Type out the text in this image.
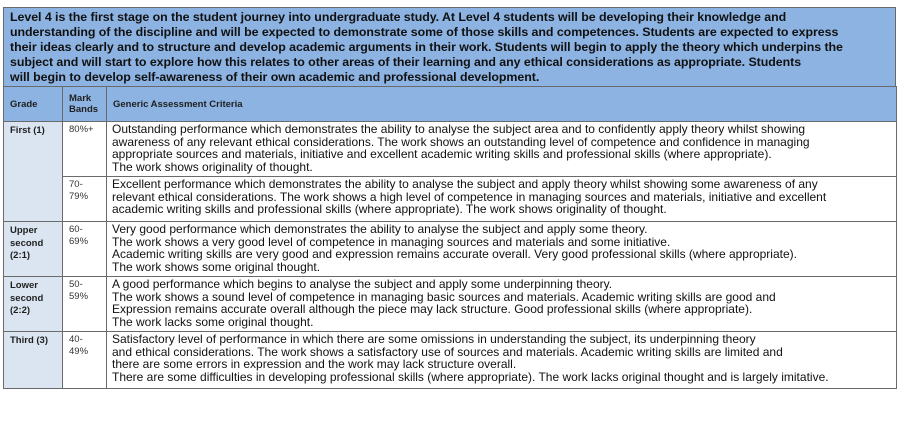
Level 4 is the first stage on the student journey into undergraduate study. At Level 4 students will be developing their knowledge and
understanding of the discipline and will be expected to demonstrate some of those skills and competences. Students are expected to express
their ideas clearly and to structure and develop academic arguments in their work. Students will begin to apply the theory which underpins the
subject and will start to explore how this relates to other areas of their learning and any ethical considerations as appropriate. Students
will begin to develop self-awareness of their own academic and professional development.
Grade	Mark Bands	Generic Assessment Criteria
First (1)	80%+	Outstanding performance which demonstrates the ability to analyse the subject area and to confidently apply theory whilst showing
awareness of any relevant ethical considerations. The work shows an outstanding level of competence and confidence in managing
appropriate sources and materials, initiative and excellent academic writing skills and professional skills (where appropriate).
The work shows originality of thought.

	70-79%	Excellent performance which demonstrates the ability to analyse the subject and apply theory whilst showing some awareness of any
relevant ethical considerations. The work shows a high level of competence in managing sources and materials, initiative and excellent
academic writing skills and professional skills (where appropriate). The work shows originality of thought.

Upper second (2:1)	60-69%	Very good performance which demonstrates the ability to analyse the subject and apply some theory.
The work shows a very good level of competence in managing sources and materials and some initiative.
Academic writing skills are very good and expression remains accurate overall. Very good professional skills (where appropriate).
The work shows some original thought.

Lower second (2:2)	50-59%	A good performance which begins to analyse the subject and apply some underpinning theory.
The work shows a sound level of competence in managing basic sources and materials. Academic writing skills are good and
Expression remains accurate overall although the piece may lack structure. Good professional skills (where appropriate).
The work lacks some original thought.

Third (3)	40-49%	Satisfactory level of performance in which there are some omissions in understanding the subject, its underpinning theory
and ethical considerations. The work shows a satisfactory use of sources and materials. Academic writing skills are limited and
there are some errors in expression and the work may lack structure overall.
There are some difficulties in developing professional skills (where appropriate). The work lacks original thought and is largely imitative.
